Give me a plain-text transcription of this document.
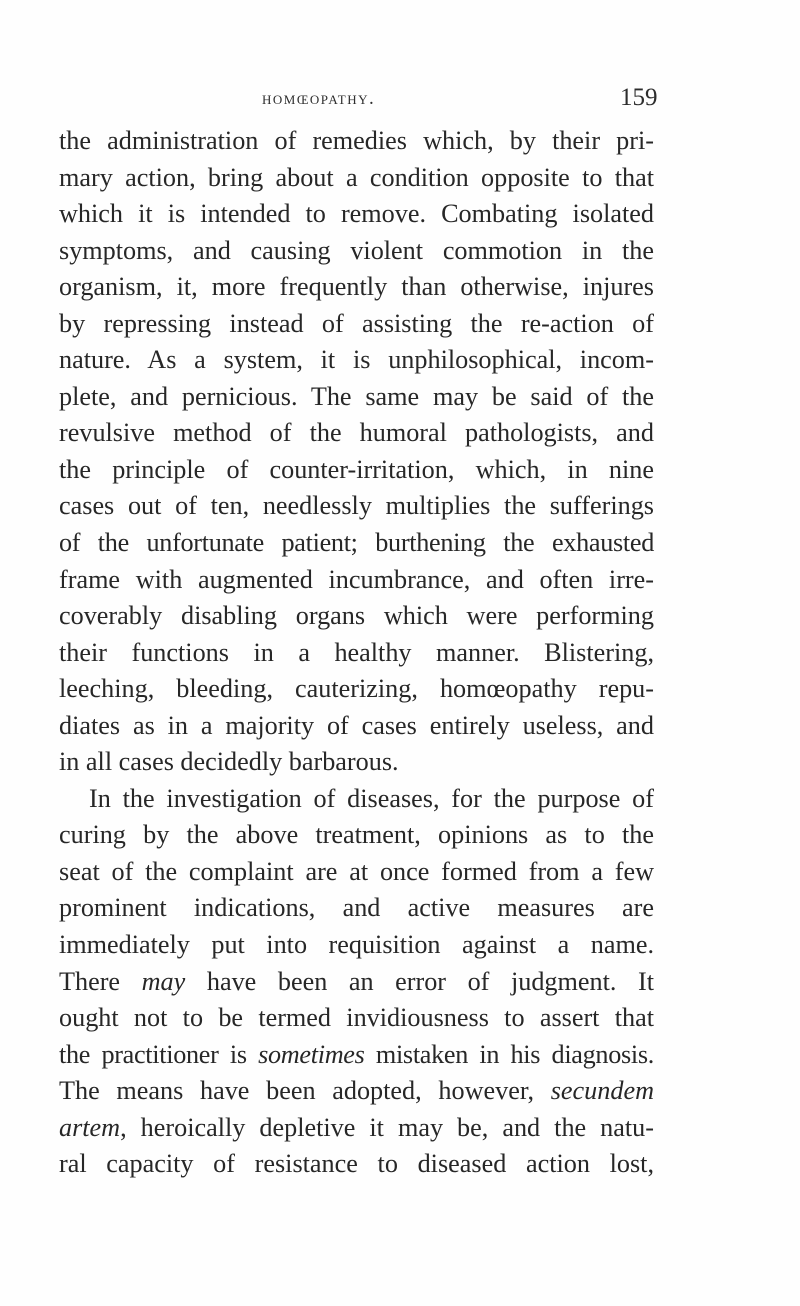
homœopathy.	159
the administration of remedies which, by their pri-
mary action, bring about a condition opposite to that
which it is intended to remove. Combating isolated
symptoms, and causing violent commotion in the
organism, it, more frequently than otherwise, injures
by repressing instead of assisting the re-action of
nature. As a system, it is unphilosophical, incom-
plete, and pernicious. The same may be said of the
revulsive method of the humoral pathologists, and
the principle of counter-irritation, which, in nine
cases out of ten, needlessly multiplies the sufferings
of the unfortunate patient; burthening the exhausted
frame with augmented incumbrance, and often irre-
coverably disabling organs which were performing
their functions in a healthy manner. Blistering,
leeching, bleeding, cauterizing, homœopathy repu-
diates as in a majority of cases entirely useless, and
in all cases decidedly barbarous.
In the investigation of diseases, for the purpose of
curing by the above treatment, opinions as to the
seat of the complaint are at once formed from a few
prominent indications, and active measures are
immediately put into requisition against a name.
There may have been an error of judgment. It
ought not to be termed invidiousness to assert that
the practitioner is sometimes mistaken in his diagnosis.
The means have been adopted, however, secundem
artem, heroically depletive it may be, and the natu-
ral capacity of resistance to diseased action lost,
